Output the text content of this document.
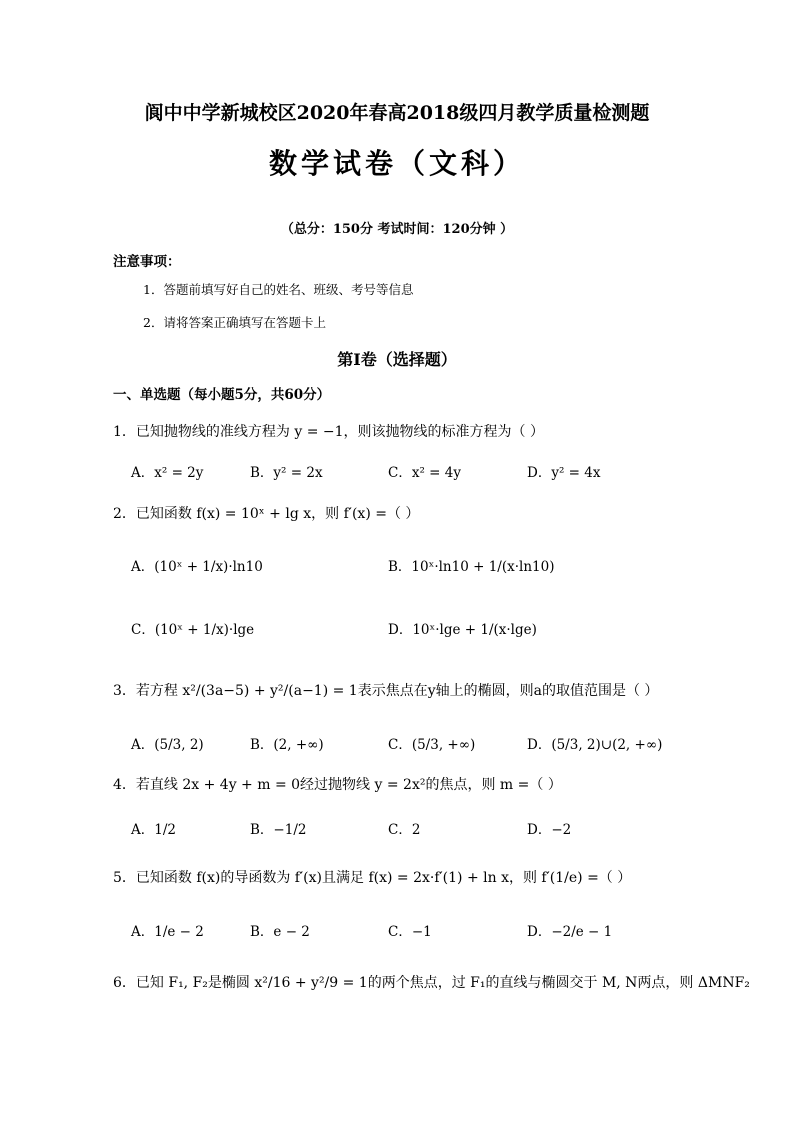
阆中中学新城校区2020年春高2018级四月教学质量检测题
数学试卷（文科）
（总分：150分 考试时间：120分钟 ）
注意事项：
1．答题前填写好自己的姓名、班级、考号等信息
2．请将答案正确填写在答题卡上
第I卷（选择题）
一、单选题（每小题5分，共60分）
1．已知抛物线的准线方程为 y = −1，则该抛物线的标准方程为（ ）
A．x² = 2y	B．y² = 2x	C．x² = 4y	D．y² = 4x
2．已知函数 f(x) = 10ˣ + lg x，则 f′(x) =（ ）
A．(10ˣ + 1/x)·ln10	B．10ˣ·ln10 + 1/(x·ln10)
C．(10ˣ + 1/x)·lge	D．10ˣ·lge + 1/(x·lge)
3．若方程 x²/(3a−5) + y²/(a−1) = 1表示焦点在y轴上的椭圆，则a的取值范围是（ ）
A．(5/3, 2)	B．(2, +∞)	C．(5/3, +∞)	D．(5/3, 2)∪(2, +∞)
4．若直线 2x + 4y + m = 0经过抛物线 y = 2x²的焦点，则 m =（ ）
A．1/2	B．−1/2	C．2	D．−2
5．已知函数 f(x)的导函数为 f′(x)且满足 f(x) = 2x·f′(1) + ln x，则 f′(1/e) =（ ）
A．1/e − 2	B．e − 2	C．−1	D．−2/e − 1
6．已知 F₁, F₂是椭圆 x²/16 + y²/9 = 1的两个焦点，过 F₁的直线与椭圆交于 M, N两点，则 ΔMNF₂
